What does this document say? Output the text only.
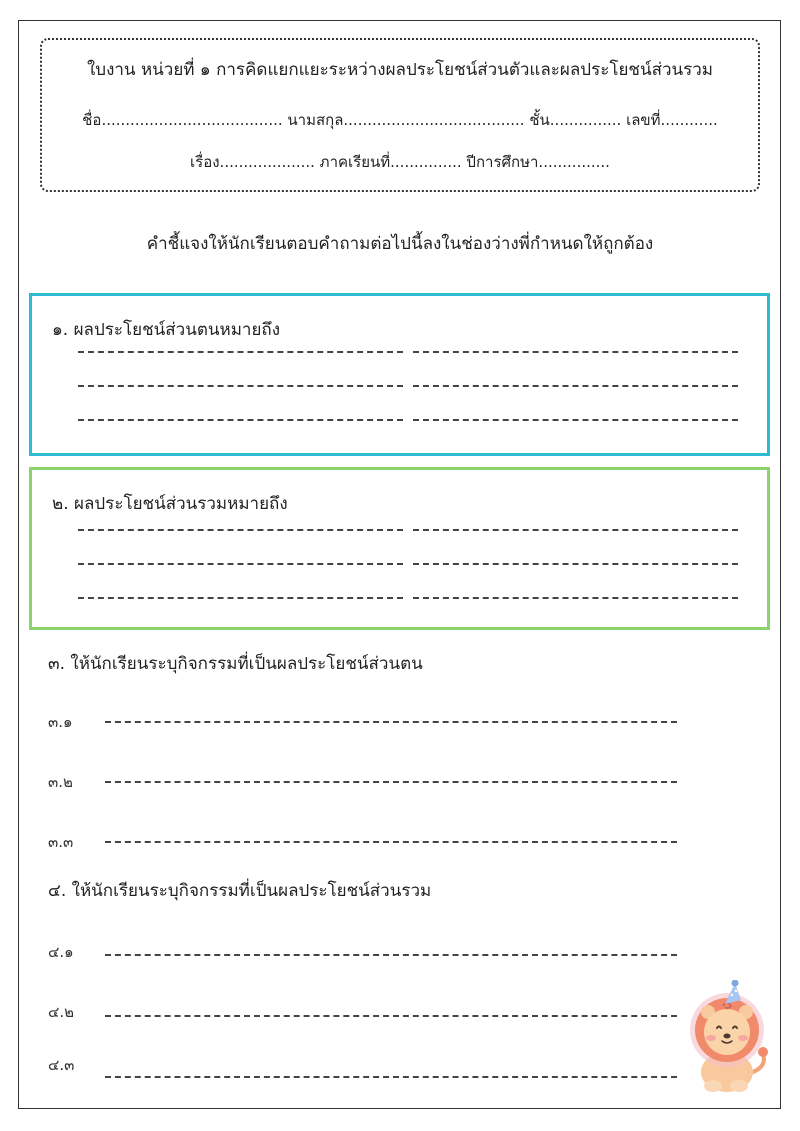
ใบงาน หน่วยที่ ๑ การคิดแยกแยะระหว่างผลประโยชน์ส่วนตัวและผลประโยชน์ส่วนรวม
ชื่อ...................................... นามสกุล...................................... ชั้น............... เลขที่............
เรื่อง.................... ภาคเรียนที่............... ปีการศึกษา...............
คำชี้แจงให้นักเรียนตอบคำถามต่อไปนี้ลงในช่องว่างพี่กำหนดให้ถูกต้อง
๑. ผลประโยชน์ส่วนตนหมายถึง
๒. ผลประโยชน์ส่วนรวมหมายถึง
๓. ให้นักเรียนระบุกิจกรรมที่เป็นผลประโยชน์ส่วนตน
๓.๑
๓.๒
๓.๓
๔. ให้นักเรียนระบุกิจกรรมที่เป็นผลประโยชน์ส่วนรวม
๔.๑
๔.๒
๔.๓
